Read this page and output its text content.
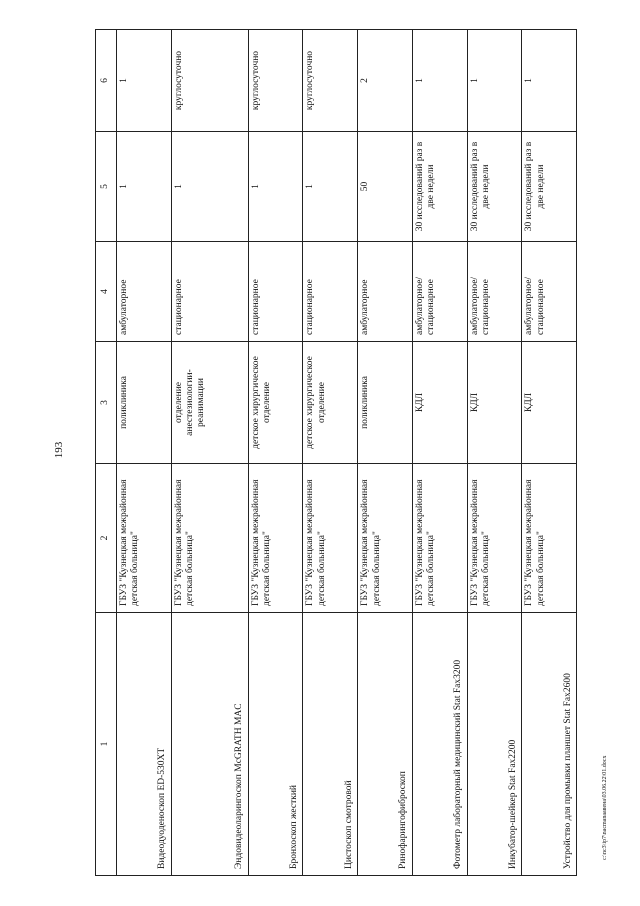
193
1	2	3	4	5	6
Видеодуоденоскоп ED-530XT	ГБУЗ "Кузнецкая межрайонная детская больница"	поликлиника	амбулаторное	1	1
Эндовидеоларингоскоп McGRATH MAC	ГБУЗ "Кузнецкая межрайонная детская больница"	отделение анестезиологии-реанимации	стационарное	1	круглосуточно
Бронхоскоп жесткий	ГБУЗ "Кузнецкая межрайонная детская больница"	детское хирургическое отделение	стационарное	1	круглосуточно
Цистоскоп смотровой	ГБУЗ "Кузнецкая межрайонная детская больница"	детское хирургическое отделение	стационарное	1	круглосуточно
Ринофарингофиброскоп	ГБУЗ "Кузнецкая межрайонная детская больница"	поликлиника	амбулаторное	50	2
Фотометр лабораторный медицинский Stat Fax3200	ГБУЗ "Кузнецкая межрайонная детская больница"	КДЛ	амбулаторное/ стационарное	30 исследований раз в две недели	1
Инкубатор-шейкер Stat Fax2200	ГБУЗ "Кузнецкая межрайонная детская больница"	КДЛ	амбулаторное/ стационарное	30 исследований раз в две недели	1
Устройство для промывки планшет Stat Fax2600	ГБУЗ "Кузнецкая межрайонная детская больница"	КДЛ	амбулаторное/ стационарное	30 исследований раз в две недели	1
c:\nc3\ip7\nacmanaaвена\03.06.22\01.docx
